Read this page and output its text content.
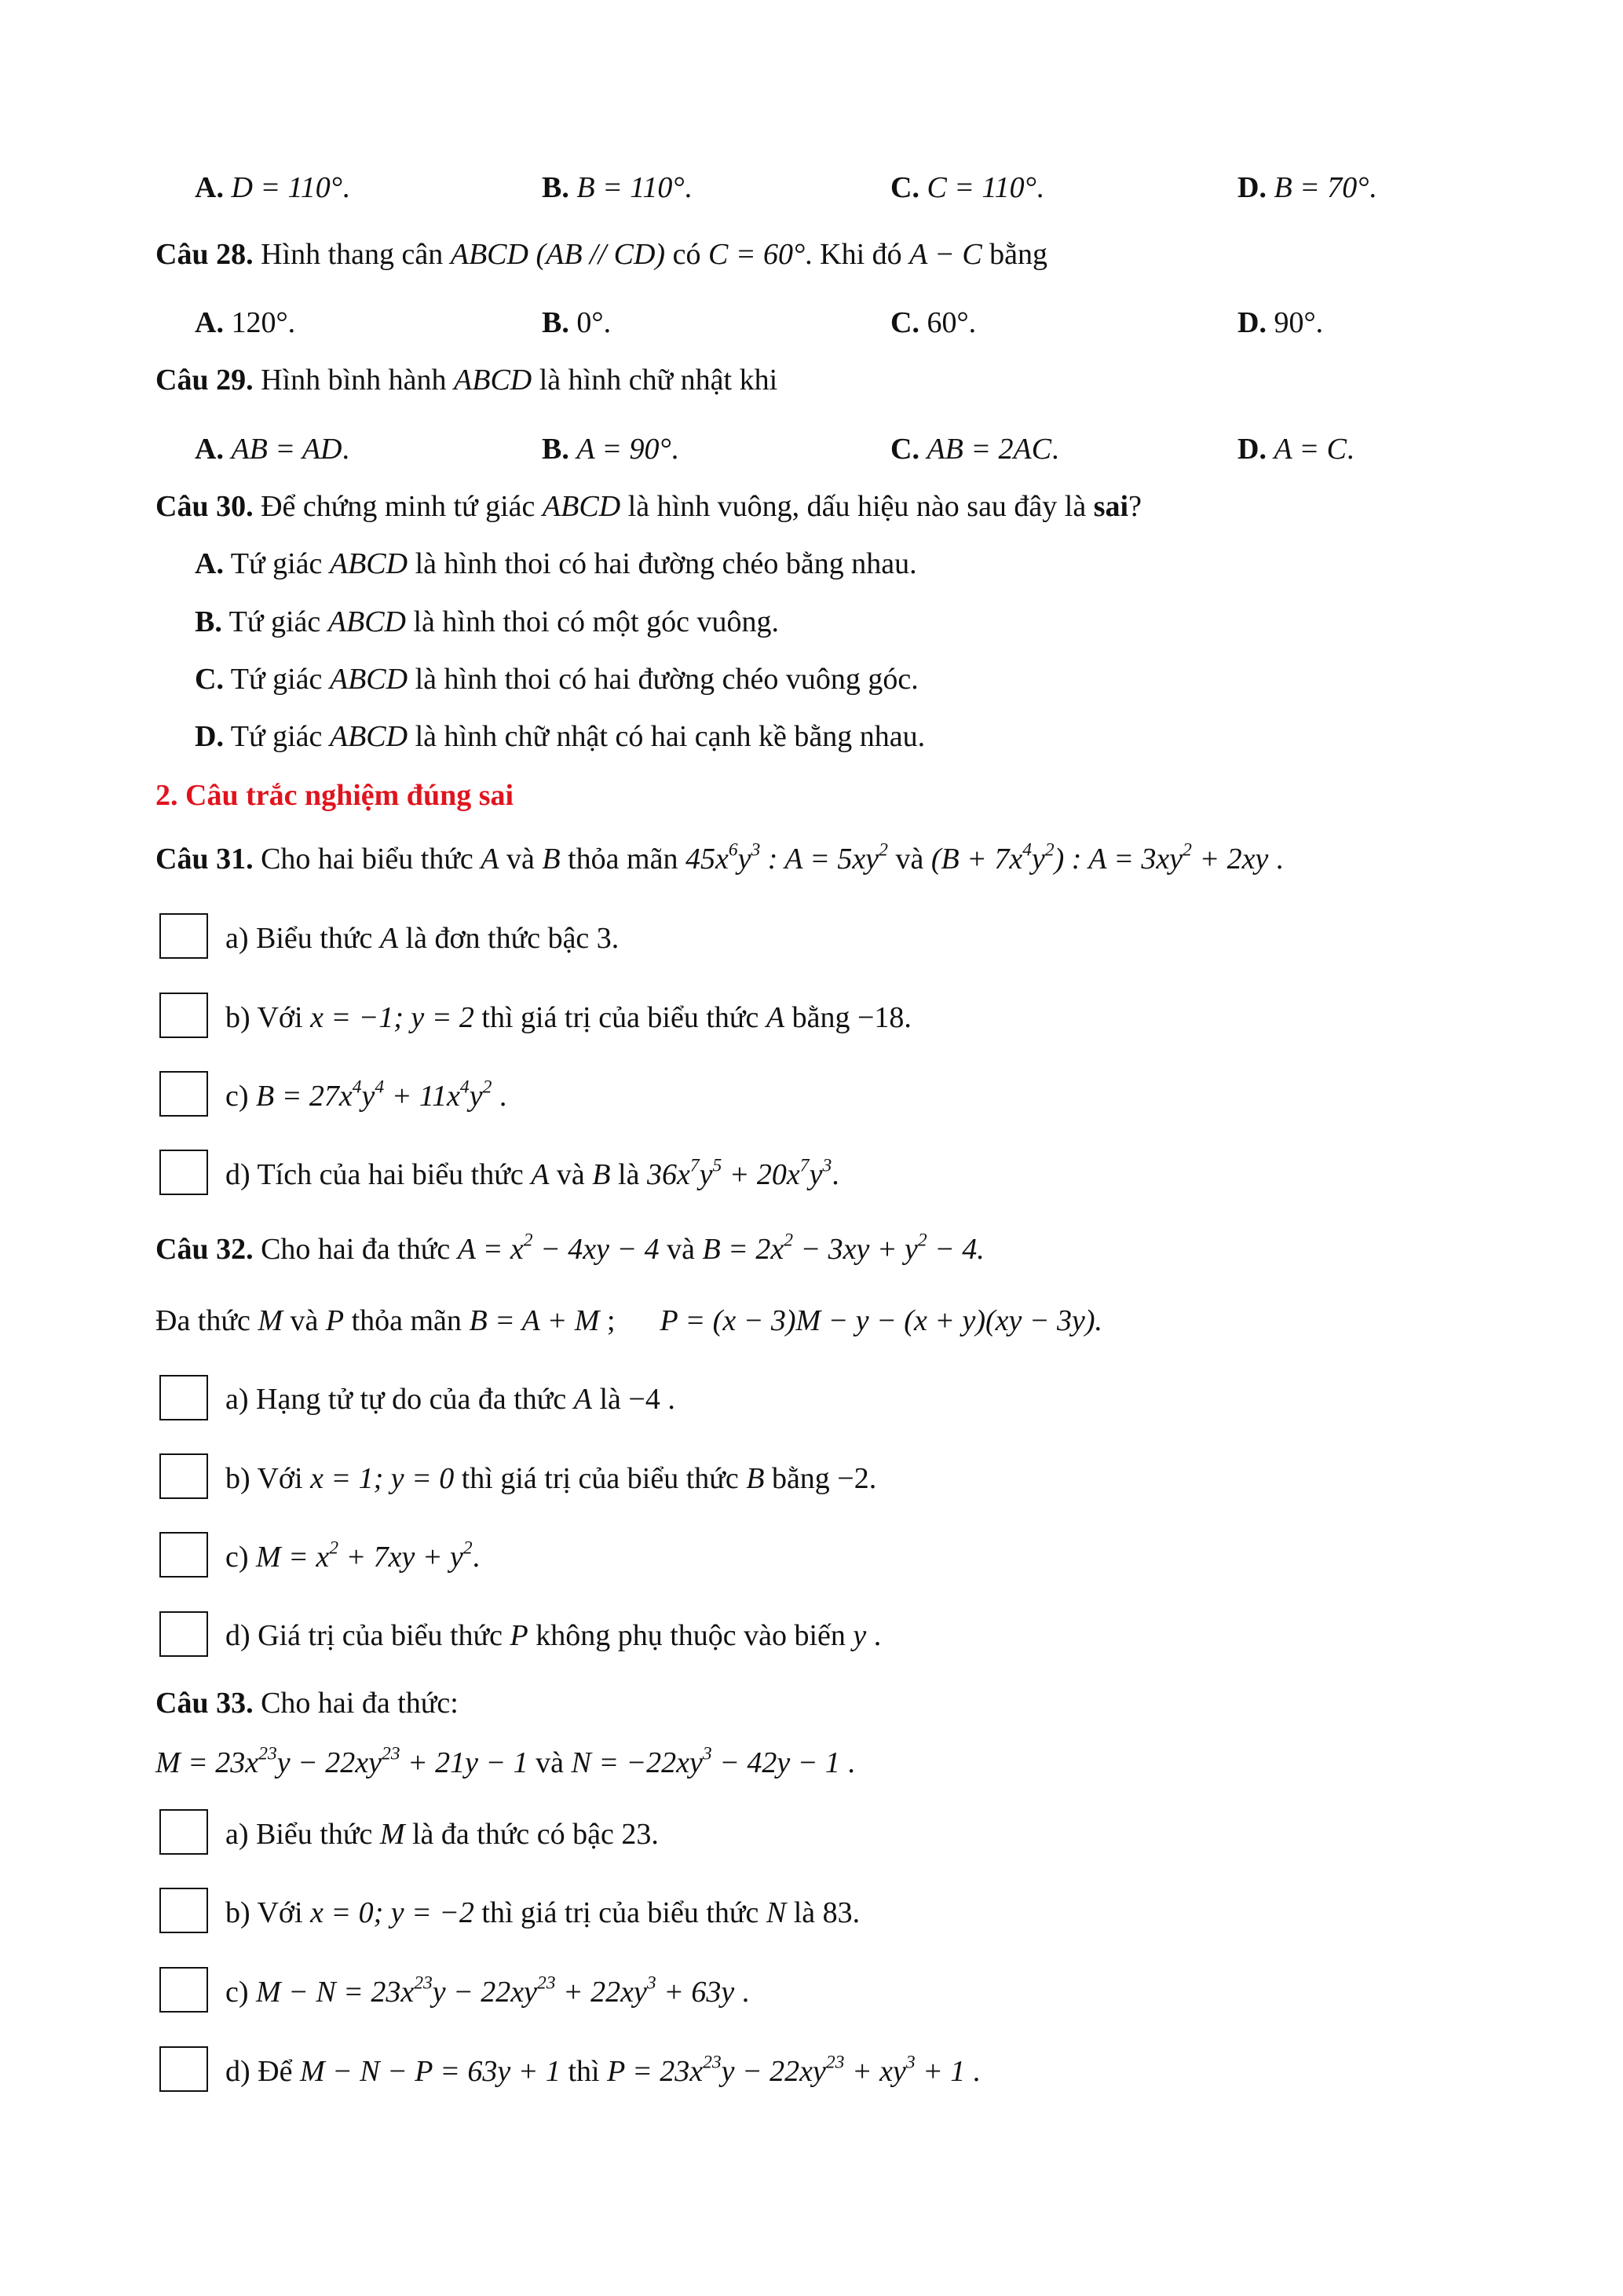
A. D = 110°.	B. B = 110°.	C. C = 110°.	D. B = 70°.
Câu 28. Hình thang cân ABCD (AB // CD) có C = 60°. Khi đó A − C bằng
A. 120°.	B. 0°.	C. 60°.	D. 90°.
Câu 29. Hình bình hành ABCD là hình chữ nhật khi
A. AB = AD.	B. A = 90°.	C. AB = 2AC.	D. A = C.
Câu 30. Để chứng minh tứ giác ABCD là hình vuông, dấu hiệu nào sau đây là sai?
A. Tứ giác ABCD là hình thoi có hai đường chéo bằng nhau.
B. Tứ giác ABCD là hình thoi có một góc vuông.
C. Tứ giác ABCD là hình thoi có hai đường chéo vuông góc.
D. Tứ giác ABCD là hình chữ nhật có hai cạnh kề bằng nhau.
2. Câu trắc nghiệm đúng sai
Câu 31. Cho hai biểu thức A và B thỏa mãn $45x^6y^3$ : $A = 5xy^2$ và $(B + 7x^4y^2)$ : $A = 3xy^2 + 2xy$ .
a) Biểu thức A là đơn thức bậc 3.
b) Với x = −1; y = 2 thì giá trị của biểu thức A bằng −18.
c) $B = 27x^4y^4 + 11x^4y^2$ .
d) Tích của hai biểu thức A và B là $36x^7y^5 + 20x^7y^3$.
Câu 32. Cho hai đa thức $A = x^2 - 4xy - 4$ và $B = 2x^2 - 3xy + y^2 - 4$.
Đa thức M và P thỏa mãn B = A + M ;      P = (x − 3)M − y − (x + y)(xy − 3y).
a) Hạng tử tự do của đa thức A là −4 .
b) Với x = 1; y = 0 thì giá trị của biểu thức B bằng −2.
c) $M = x^2 + 7xy + y^2$.
d) Giá trị của biểu thức P không phụ thuộc vào biến y .
Câu 33. Cho hai đa thức:
$M = 23x^{23}y - 22xy^{23} + 21y - 1$ và $N = -22xy^3 - 42y - 1$ .
a) Biểu thức M là đa thức có bậc 23.
b) Với x = 0; y = −2 thì giá trị của biểu thức N là 83.
c) $M - N = 23x^{23}y - 22xy^{23} + 22xy^3 + 63y$ .
d) Để M − N − P = 63y + 1 thì $P = 23x^{23}y - 22xy^{23} + xy^3 + 1$ .
